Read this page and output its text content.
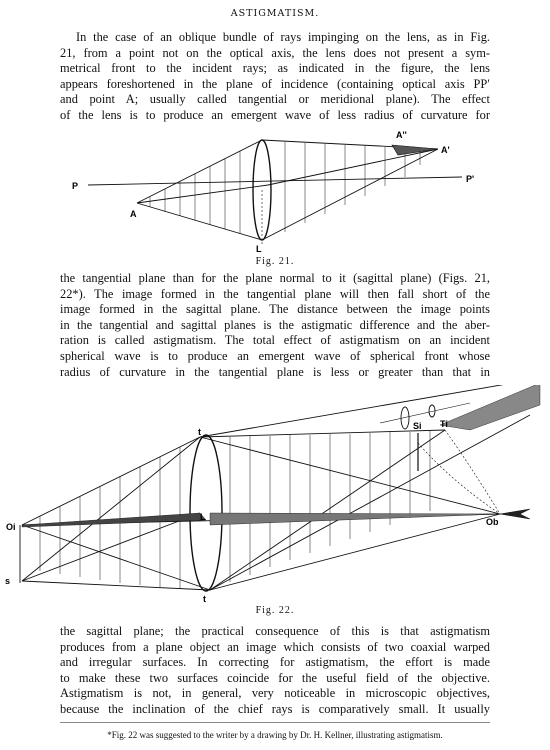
ASTIGMATISM.
In the case of an oblique bundle of rays impinging on the lens, as in Fig.
21, from a point not on the optical axis, the lens does not present a sym-
metrical front to the incident rays; as indicated in the figure, the lens
appears foreshortened in the plane of incidence (containing optical axis PP′
and point A; usually called tangential or meridional plane). The effect
of the lens is to produce an emergent wave of less radius of curvature for
P
P'
A
A'
A''
L
Fig. 21.
the tangential plane than for the plane normal to it (sagittal plane) (Figs. 21,
22*). The image formed in the tangential plane will then fall short of the
image formed in the sagittal plane. The distance between the image points
in the tangential and sagittal planes is the astigmatic difference and the aber-
ration is called astigmatism. The total effect of astigmatism on an incident
spherical wave is to produce an emergent wave of spherical front whose
radius of curvature in the tangential plane is less or greater than that in
t
t
L
Oi	Ob
Si Ti
s
Fig. 22.
the sagittal plane; the practical consequence of this is that astigmatism
produces from a plane object an image which consists of two coaxial warped
and irregular surfaces. In correcting for astigmatism, the effort is made
to make these two surfaces coincide for the useful field of the objective.
Astigmatism is not, in general, very noticeable in microscopic objectives,
because the inclination of the chief rays is comparatively small. It usually
*Fig. 22 was suggested to the writer by a drawing by Dr. H. Kellner, illustrating astigmatism.
